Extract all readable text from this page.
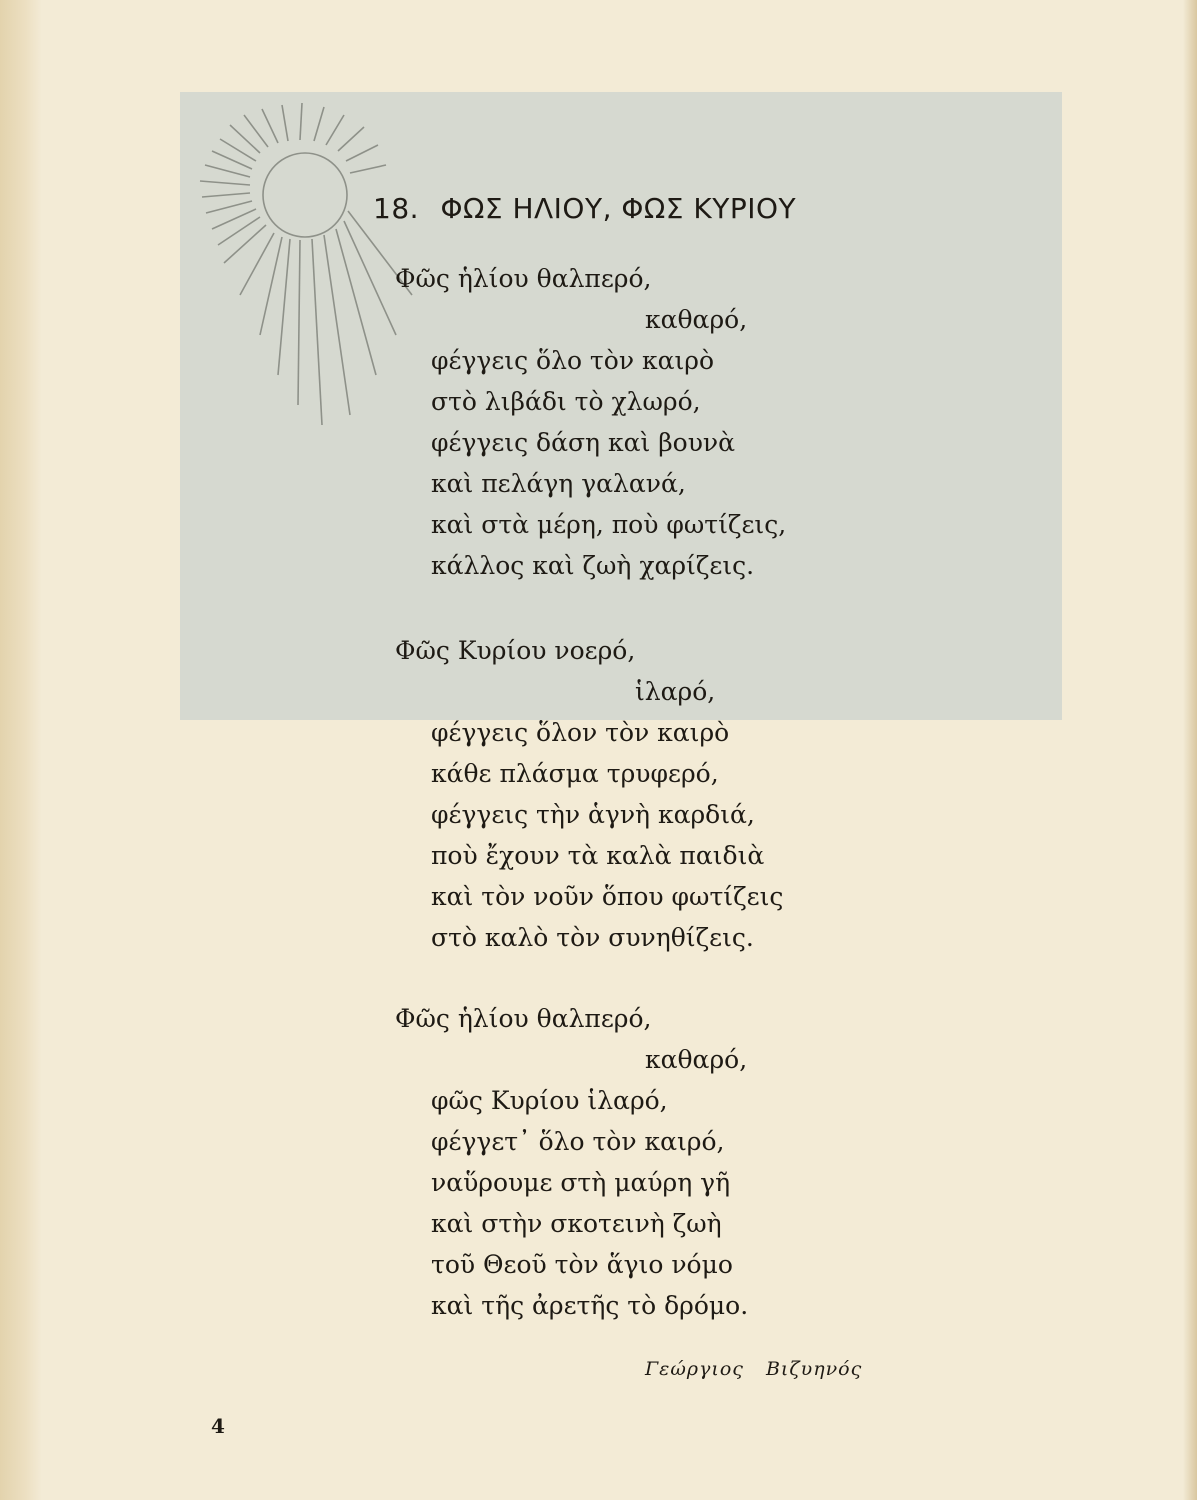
18. ΦΩΣ ΗΛΙΟΥ, ΦΩΣ ΚΥΡΙΟΥ
Φῶς ἡλίου θαλπερό,
καθαρό,
φέγγεις ὅλο τὸν καιρὸ
στὸ λιβάδι τὸ χλωρό,
φέγγεις δάση καὶ βουνὰ
καὶ πελάγη γαλανά,
καὶ στὰ μέρη, ποὺ φωτίζεις,
κάλλος καὶ ζωὴ χαρίζεις.
Φῶς Κυρίου νοερό,
ἱλαρό,
φέγγεις ὅλον τὸν καιρὸ
κάθε πλάσμα τρυφερό,
φέγγεις τὴν ἁγνὴ καρδιά,
ποὺ ἔχουν τὰ καλὰ παιδιὰ
καὶ τὸν νοῦν ὅπου φωτίζεις
στὸ καλὸ τὸν συνηθίζεις.
Φῶς ἡλίου θαλπερό,
καθαρό,
φῶς Κυρίου ἱλαρό,
φέγγετ᾽ ὅλο τὸν καιρό,
ναὕρουμε στὴ μαύρη γῆ
καὶ στὴν σκοτεινὴ ζωὴ
τοῦ Θεοῦ τὸν ἅγιο νόμο
καὶ τῆς ἀρετῆς τὸ δρόμο.
Γεώργιος Βιζυηνός
4
